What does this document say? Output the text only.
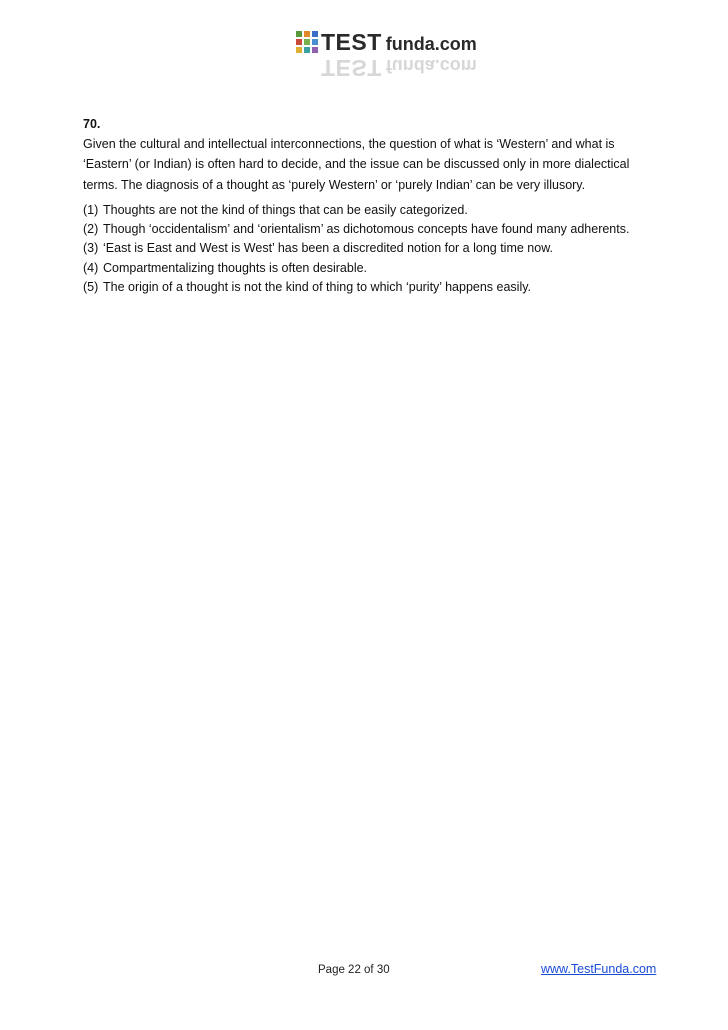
TEST funda.com
TEST funda.com
70.

Given the cultural and intellectual interconnections, the question of what is ‘Western’ and what is ‘Eastern’ (or Indian) is often hard to decide, and the issue can be discussed only in more dialectical terms. The diagnosis of a thought as ‘purely Western’ or ‘purely Indian’ can be very illusory.

(1) Thoughts are not the kind of things that can be easily categorized.
(2) Though ‘occidentalism’ and ‘orientalism’ as dichotomous concepts have found many adherents.
(3) ‘East is East and West is West’ has been a discredited notion for a long time now.
(4) Compartmentalizing thoughts is often desirable.
(5) The origin of a thought is not the kind of thing to which ‘purity’ happens easily.
Page 22 of 30	www.TestFunda.com
